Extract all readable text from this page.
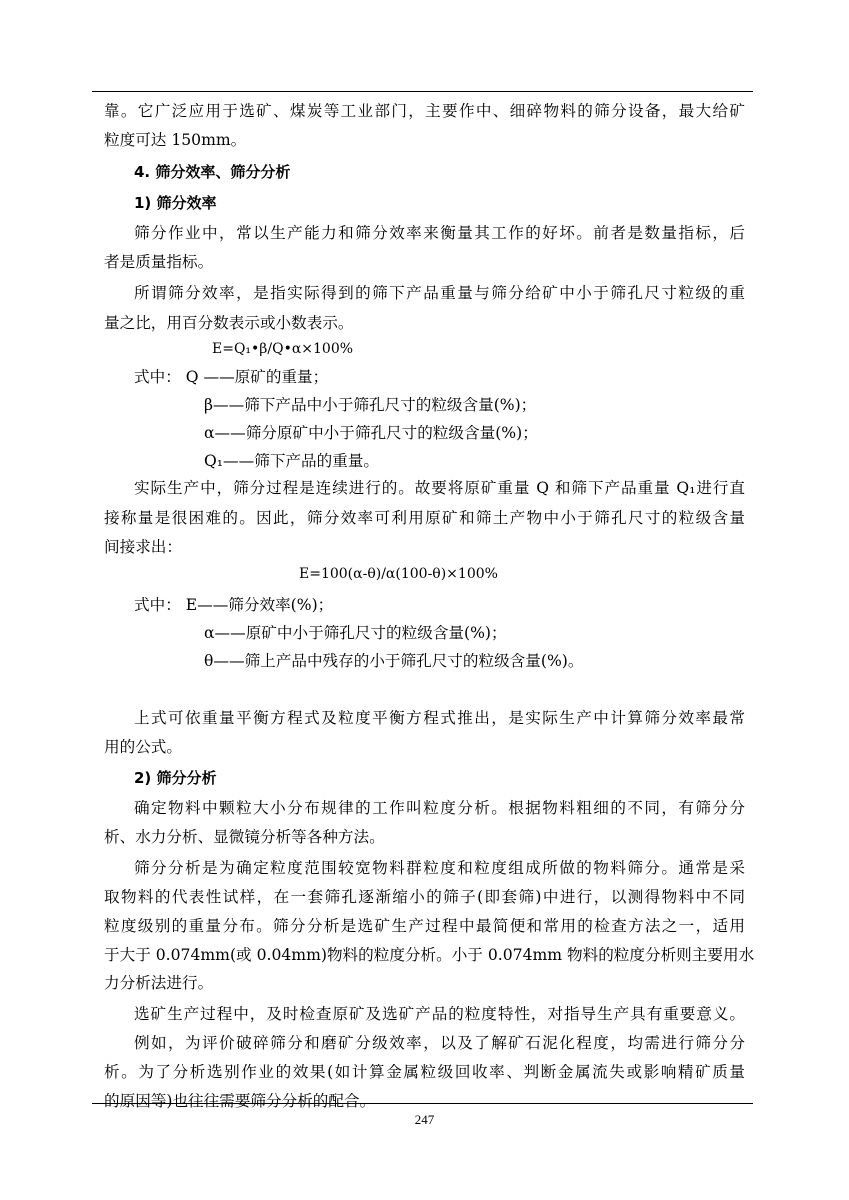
靠。它广泛应用于选矿、煤炭等工业部门，主要作中、细碎物料的筛分设备，最大给矿
粒度可达 150mm。
4. 筛分效率、筛分分析
1) 筛分效率
筛分作业中，常以生产能力和筛分效率来衡量其工作的好坏。前者是数量指标，后
者是质量指标。
所谓筛分效率，是指实际得到的筛下产品重量与筛分给矿中小于筛孔尺寸粒级的重
量之比，用百分数表示或小数表示。
E=Q₁•β/Q•α×100%
式中： Q ——原矿的重量；
β——筛下产品中小于筛孔尺寸的粒级含量(%)；
α——筛分原矿中小于筛孔尺寸的粒级含量(%)；
Q₁——筛下产品的重量。
实际生产中，筛分过程是连续进行的。故要将原矿重量 Q 和筛下产品重量 Q₁进行直
接称量是很困难的。因此，筛分效率可利用原矿和筛土产物中小于筛孔尺寸的粒级含量
间接求出：
E=100(α-θ)/α(100-θ)×100%
式中： E——筛分效率(%)；
α——原矿中小于筛孔尺寸的粒级含量(%)；
θ——筛上产品中残存的小于筛孔尺寸的粒级含量(%)。
上式可依重量平衡方程式及粒度平衡方程式推出，是实际生产中计算筛分效率最常
用的公式。
2) 筛分分析
确定物料中颗粒大小分布规律的工作叫粒度分析。根据物料粗细的不同，有筛分分
析、水力分析、显微镜分析等各种方法。
筛分分析是为确定粒度范围较宽物料群粒度和粒度组成所做的物料筛分。通常是采
取物料的代表性试样，在一套筛孔逐渐缩小的筛子(即套筛)中进行，以测得物料中不同
粒度级别的重量分布。筛分分析是选矿生产过程中最简便和常用的检查方法之一，适用
于大于 0.074mm(或 0.04mm)物料的粒度分析。小于 0.074mm 物料的粒度分析则主要用水
力分析法进行。
选矿生产过程中，及时检查原矿及选矿产品的粒度特性，对指导生产具有重要意义。
例如，为评价破碎筛分和磨矿分级效率，以及了解矿石泥化程度，均需进行筛分分
析。为了分析选别作业的效果(如计算金属粒级回收率、判断金属流失或影响精矿质量
的原因等)也往往需要筛分分析的配合。
247
